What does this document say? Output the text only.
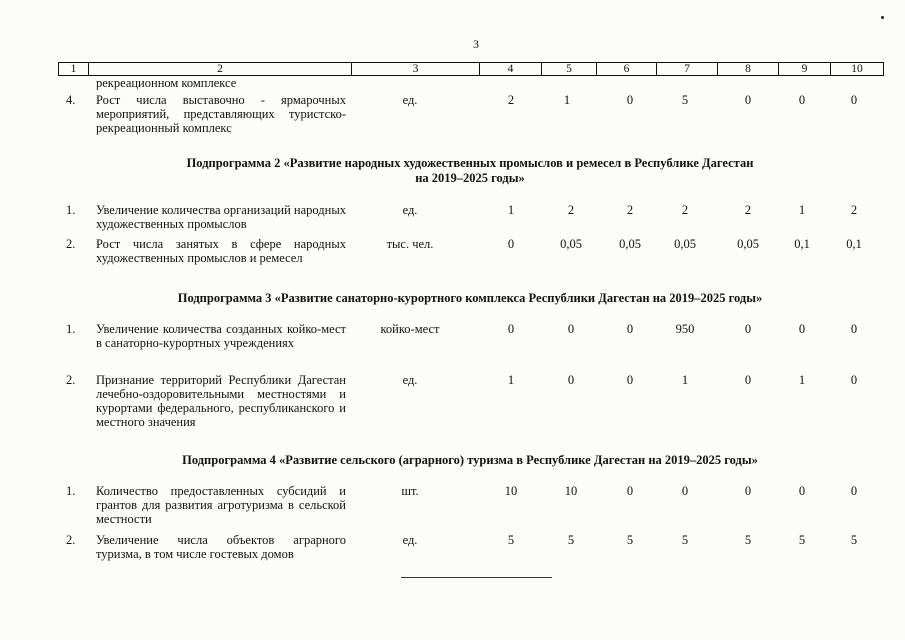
3
1	2	3	4	5	6	7	8	9	10
рекреационном комплексе
4. Рост числа выставочно - ярмарочных мероприятий, представляющих туристско-рекреационный комплекс
ед.	2	1	0	5	0	0	0
Подпрограмма 2 «Развитие народных художественных промыслов и ремесел в Республике Дагестан
на 2019–2025 годы»
1. Увеличение количества организаций народных художественных промыслов
ед.	1	2	2	2	2	1	2
2. Рост числа занятых в сфере народных художественных промыслов и ремесел
тыс. чел.	0	0,05	0,05	0,05	0,05	0,1	0,1
Подпрограмма 3 «Развитие санаторно-курортного комплекса Республики Дагестан на 2019–2025 годы»
1. Увеличение количества созданных койко-мест в санаторно-курортных учреждениях
койко-мест	0	0	0	950	0	0	0
2. Признание территорий Республики Дагестан лечебно-оздоровительными местностями и курортами федерального, республиканского и местного значения
ед.	1	0	0	1	0	1	0
Подпрограмма 4 «Развитие сельского (аграрного) туризма в Республике Дагестан на 2019–2025 годы»
1. Количество предоставленных субсидий и грантов для развития агротуризма в сельской местности
шт.	10	10	0	0	0	0	0
2. Увеличение числа объектов аграрного туризма, в том числе гостевых домов
ед.	5	5	5	5	5	5	5
